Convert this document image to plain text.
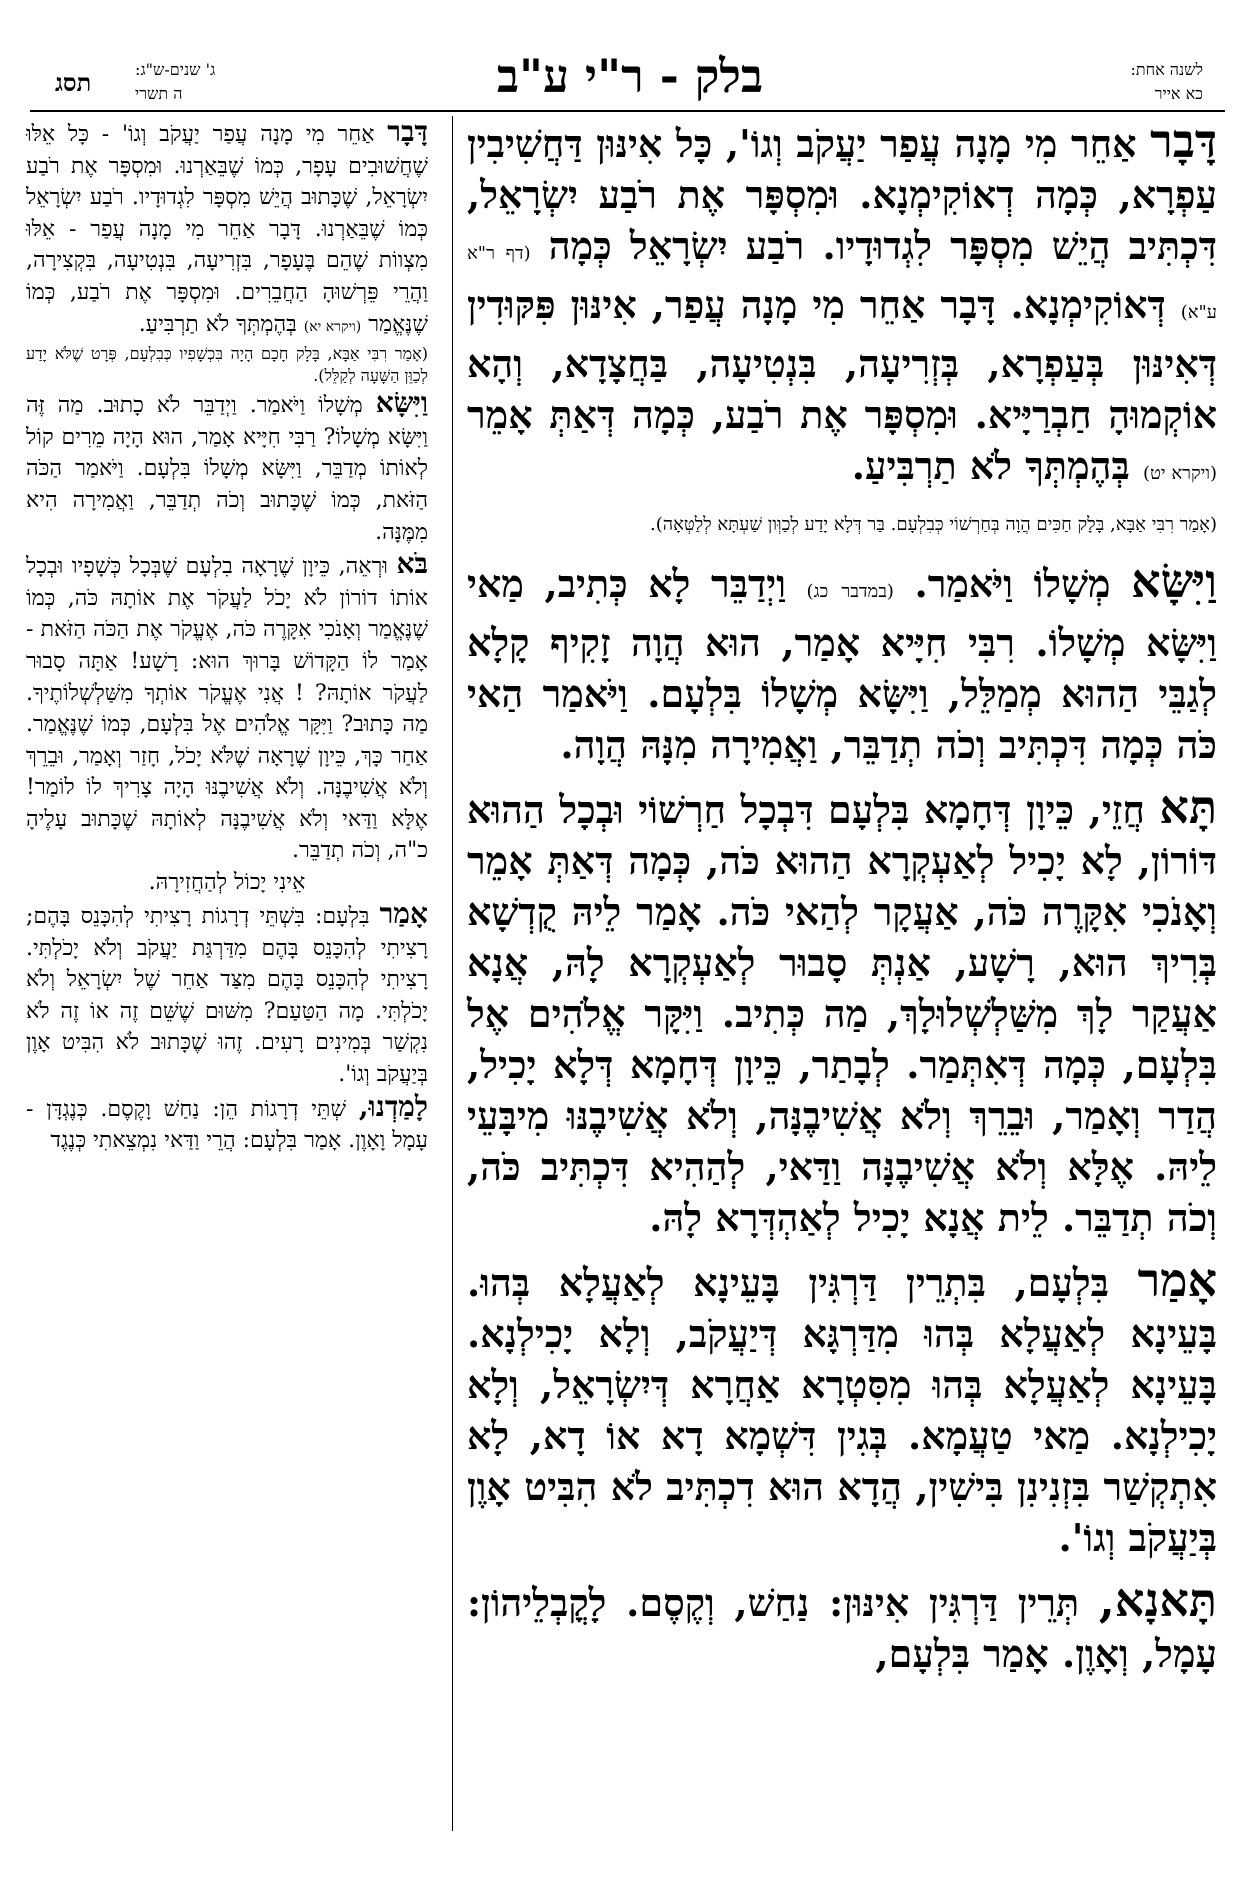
לשנה אחת:
כא אייר
בלק - ר"י ע"ב
ג' שנים-ש"ג:
ה תשרי
תסג

דָּבָר אַחֵר מִי מָנָה עֲפַר יַעֲקֹב וְגוֹ', כָּל אִינּוּן דַּחֲשִׁיבִין עַפְרָא, כְּמָה דְאוֹקִימְנָא. וּמִסְפָּר אֶת רֹבַע יִשְׂרָאֵל, דִּכְתִּיב הֲיֵשׁ מִסְפָּר לִגְדוּדָיו. רֹבַע יִשְׂרָאֵל כְּמָה (דף ר"א ע"א) דְּאוֹקִימְנָא. דָּבָר אַחֵר מִי מָנָה עֲפַר, אִינּוּן פִּקּוּדִין דְּאִינּוּן בְּעַפְרָא, בְּזְרִיעָה, בִּנְטִיעָה, בַּחֲצָדָא, וְהָא אוֹקְמוּהָ חַבְרַיָּיא. וּמִסְפָּר אֶת רֹבַע, כְּמָה דְּאַתְּ אָמֵר (ויקרא יט) בְּהֶמְתְּךָ לֹא תַרְבִּיעַ.

(אָמַר רִבִּי אַבָּא, בָּלָק חַכִּים הֲוָה בְּחַרְשׁוֹי כְּבִלְעָם. בַּר דְּלָא יָדַע לְכַוְּון שַׁעְתָּא לְלַטְּאָה).

וַיִּשָּׂא מְשָׁלוֹ וַיֹּאמַר. (במדבר כג) וַיְדַבֵּר לָא כְּתִיב, מַאי וַיִּשָּׂא מְשָׁלוֹ. רִבִּי חִיָּיא אָמַר, הוּא הֲוָה זָקִיף קָלָא לְגַבֵּי הַהוּא מְמַלֵּל, וַיִּשָּׂא מְשָׁלוֹ בִּלְעָם. וַיֹּאמַר הַאי כֹּה כְּמָה דִּכְתִּיב וְכֹה תְדַבֵּר, וַאֲמִירָה מִנָּהּ הֲוָה.

תָּא חֲזֵי, כֵּיוָן דְּחָמָא בִּלְעָם דִּבְכָל חַרְשׁוֹי וּבְכָל הַהוּא דּוֹרוֹן, לָא יָכִיל לְאַעְקְרָא הַהוּא כֹּה, כְּמָה דְּאַתְּ אָמֵר וְאָנֹכִי אִקָּרֶה כֹּה, אַעֲקָר לְהַאי כֹּה. אָמַר לֵיהּ קֻדְשָׁא בְּרִיךְ הוּא, רָשָׁע, אַנְתְּ סָבוּר לְאַעְקְרָא לָהּ, אֲנָא אַעֲקַר לָךְ מִשַּׁלְשְׁלוּלָךְ, מַה כְּתִיב. וַיִּקָּר אֱלֹהִים אֶל בִּלְעָם, כְּמָה דְּאִתְּמַר. לְבָתַר, כֵּיוָן דְּחָמָא דְּלָא יָכִיל, הֲדַר וְאָמַר, וּבֵרֵךְ וְלֹא אֲשִׁיבֶנָּה, וְלֹא אֲשִׁיבֶנּוּ מִיבָּעֵי לֵיהּ. אֶלָּא וְלֹא אֲשִׁיבֶנָּה וַדַּאי, לְהַהִיא דִּכְתִּיב כֹּה, וְכֹה תְדַבֵּר. לֵית אֲנָא יָכִיל לְאַהְדְּרָא לָהּ.

אָמַר בִּלְעָם, בִּתְרֵין דַּרְגִּין בָּעֵינָא לְאַעֲלָא בְּהוּ. בָּעֵינָא לְאַעֲלָא בְּהוּ מִדַּרְגָּא דְּיַעֲקֹב, וְלָא יָכִילְנָא. בָּעֵינָא לְאַעֲלָא בְּהוּ מִסִּטְרָא אַחֲרָא דְּיִשְׂרָאֵל, וְלָא יָכִילְנָא. מַאי טַעֲמָא. בְּגִין דִּשְׁמָא דָא אוֹ דָא, לָא אִתְקְשַׁר בִּזְנִינִן בִּישִׁין, הֲדָא הוּא דִכְתִּיב לֹא הִבִּיט אָוֶן בְּיַעֲקֹב וְגוֹ'.

תָּאנָא, תְּרֵין דַּרְגִּין אִינּוּן: נַחַשׁ, וְקֶסֶם. לָקֳבְלֵיהוֹן: עָמָל, וְאָוֶן. אָמַר בִּלְעָם,

דָּבָר אַחֵר מִי מָנָה עֲפַר יַעֲקֹב וְגוֹ' - כָּל אֵלּוּ שֶׁחֲשׁוּבִים עָפָר, כְּמוֹ שֶׁבֵּאַרְנוּ. וּמִסְפָּר אֶת רֹבַע יִשְׂרָאֵל, שֶׁכָּתוּב הֲיֵשׁ מִסְפָּר לִגְדוּדָיו. רֹבַע יִשְׂרָאֵל כְּמוֹ שֶׁבֵּאַרְנוּ. דָּבָר אַחֵר מִי מָנָה עֲפַר - אֵלּוּ מִצְווֹת שֶׁהֵם בֶּעָפָר, בִּזְרִיעָה, בִּנְטִיעָה, בִּקְצִירָה, וַהֲרֵי פֵּרְשׁוּהָ הַחֲבֵרִים. וּמִסְפָּר אֶת רֹבַע, כְּמוֹ שֶׁנֶּאֱמַר (ויקרא יא) בְּהֶמְתְּךָ לֹא תַרְבִּיעַ.

(אָמַר רִבִּי אַבָּא, בָּלָק חָכָם הָיָה בִּכְשָׁפִיו כְּבִלְעָם, פְּרָט שֶׁלֹּא יָדַע לְכַוֵּן הַשָּׁעָה לְקַלֵּל).

וַיִּשָּׂא מְשָׁלוֹ וַיֹּאמַר. וַיְדַבֵּר לֹא כָתוּב. מַה זֶּה וַיִּשָּׂא מְשָׁלוֹ? רַבִּי חִיָּיא אָמַר, הוּא הָיָה מֵרִים קוֹל לְאוֹתוֹ מְדַבֵּר, וַיִּשָּׂא מְשָׁלוֹ בִּלְעָם. וַיֹּאמַר הַכֹּה הַזֹּאת, כְּמוֹ שֶׁכָּתוּב וְכֹה תְדַבֵּר, וַאֲמִירָה הִיא מִמֶּנָּה.

בֹּא וּרְאֵה, כֵּיוָן שֶׁרָאָה בִלְעָם שֶׁבְּכָל כְּשָׁפָיו וּבְכָל אוֹתוֹ דוֹרוֹן לֹא יָכֹל לַעֲקֹר אֶת אוֹתָהּ כֹּה, כְּמוֹ שֶׁנֶּאֱמַר וְאָנֹכִי אִקָּרֶה כֹּה, אֶעֱקֹר אֶת הַכֹּה הַזֹּאת - אָמַר לוֹ הַקָּדוֹשׁ בָּרוּךְ הוּא: רָשָׁע! אַתָּה סָבוּר לַעֲקֹר אוֹתָהּ? ! אֲנִי אֶעֱקֹר אוֹתְךָ מִשַּׁלְשְׁלוֹתֶיךָ. מַה כָּתוּב? וַיִּקָּר אֱלֹהִים אֶל בִּלְעָם, כְּמוֹ שֶׁנֶּאֱמַר. אַחַר כָּךְ, כֵּיוָן שֶׁרָאָה שֶׁלֹּא יָכֹל, חָזַר וְאָמַר, וּבֵרֵךְ וְלֹא אֲשִׁיבֶנָּה. וְלֹא אֲשִׁיבֶנּוּ הָיָה צָרִיךְ לוֹ לוֹמַר! אֶלָּא וַדַּאי וְלֹא אֲשִׁיבֶנָּה לְאוֹתָהּ שֶׁכָּתוּב עָלֶיהָ כ"ה, וְכֹה תְדַבֵּר.

אֵינִי יָכוֹל לְהַחֲזִירָהּ.

אָמַר בִּלְעָם: בִּשְׁתֵּי דְרָגוֹת רָצִיתִי לְהִכָּנֵס בָּהֶם; רָצִיתִי לְהִכָּנֵס בָּהֶם מִדַּרְגַּת יַעֲקֹב וְלֹא יָכֹלְתִּי. רָצִיתִי לְהִכָּנֵס בָּהֶם מִצַּד אַחֵר שֶׁל יִשְׂרָאֵל וְלֹא יָכֹלְתִּי. מָה הַטַּעַם? מִשּׁוּם שֶׁשֵּׁם זֶה אוֹ זֶה לֹא נִקְשַׁר בְּמִינִים רָעִים. זֶהוּ שֶׁכָּתוּב לֹא הִבִּיט אָוֶן בְּיַעֲקֹב וְגוֹ'.

לָמַדְנוּ, שְׁתֵּי דְרָגוֹת הֵן: נַחַשׁ וָקֶסֶם. כְּנֶגְדָּן - עָמָל וָאָוֶן. אָמַר בִּלְעָם: הֲרֵי וַדַּאי נִמְצֵאתִי כְּנֶגֶד
